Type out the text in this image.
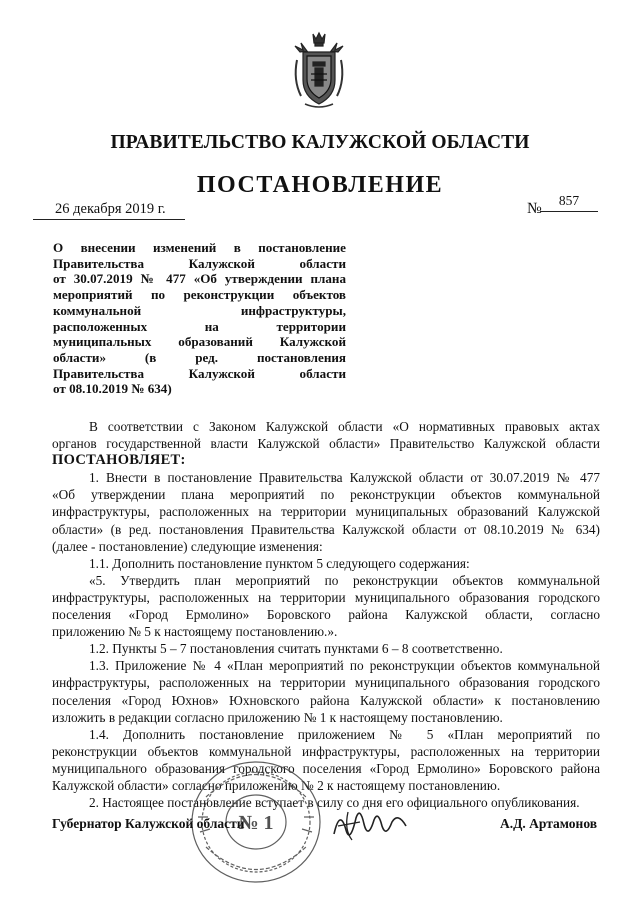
ПРАВИТЕЛЬСТВО КАЛУЖСКОЙ ОБЛАСТИ
ПОСТАНОВЛЕНИЕ
26 декабря 2019 г.	№	857
О внесении изменений в постановление
Правительства Калужской области
от 30.07.2019 № 477 «Об утверждении плана
мероприятий по реконструкции объектов
коммунальной инфраструктуры,
расположенных на территории
муниципальных образований Калужской
области» (в ред. постановления
Правительства Калужской области
от 08.10.2019 № 634)
В соответствии с Законом Калужской области «О нормативных правовых актах
органов государственной власти Калужской области» Правительство Калужской области
ПОСТАНОВЛЯЕТ:
1. Внести в постановление Правительства Калужской области от 30.07.2019 № 477
«Об утверждении плана мероприятий по реконструкции объектов коммунальной
инфраструктуры, расположенных на территории муниципальных образований Калужской
области» (в ред. постановления Правительства Калужской области от 08.10.2019 № 634)
(далее - постановление) следующие изменения:
1.1. Дополнить постановление пунктом 5 следующего содержания:
«5. Утвердить план мероприятий по реконструкции объектов коммунальной
инфраструктуры, расположенных на территории муниципального образования городского
поселения «Город Ермолино» Боровского района Калужской области, согласно
приложению № 5 к настоящему постановлению.».
1.2. Пункты 5 – 7 постановления считать пунктами 6 – 8 соответственно.
1.3. Приложение № 4 «План мероприятий по реконструкции объектов коммунальной
инфраструктуры, расположенных на территории муниципального образования городского
поселения «Город Юхнов» Юхновского района Калужской области» к постановлению
изложить в редакции согласно приложению № 1 к настоящему постановлению.
1.4. Дополнить постановление приложением № 5 «План мероприятий по
реконструкции объектов коммунальной инфраструктуры, расположенных на территории
муниципального образования городского поселения «Город Ермолино» Боровского района
Калужской области» согласно приложению № 2 к настоящему постановлению.
2. Настоящее постановление вступает в силу со дня его официального опубликования.
№ 1
Губернатор Калужской области	А.Д. Артамонов
